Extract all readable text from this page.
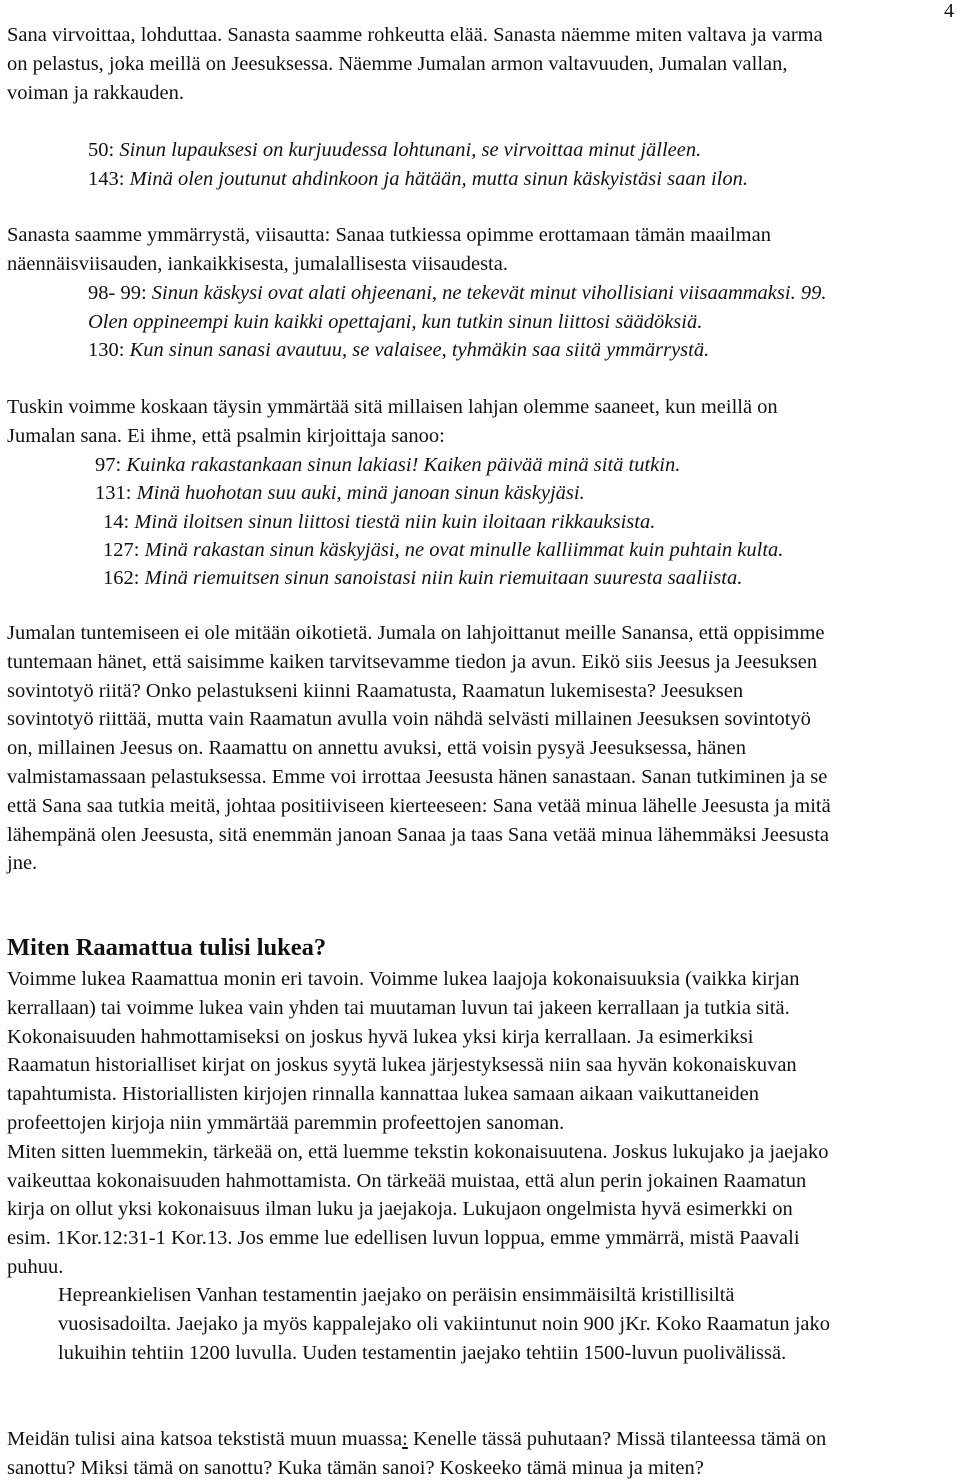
4
Sana virvoittaa, lohduttaa. Sanasta saamme rohkeutta elää. Sanasta näemme miten valtava ja varma
on pelastus, joka meillä on Jeesuksessa. Näemme Jumalan armon valtavuuden, Jumalan vallan,
voiman ja rakkauden.
50: Sinun lupauksesi on kurjuudessa lohtunani, se virvoittaa minut jälleen.
143: Minä olen joutunut ahdinkoon ja hätään, mutta sinun käskyistäsi saan ilon.
Sanasta saamme ymmärrystä, viisautta: Sanaa tutkiessa opimme erottamaan tämän maailman
näennäisviisauden, iankaikkisesta, jumalallisesta viisaudesta.
98- 99: Sinun käskysi ovat alati ohjeenani, ne tekevät minut vihollisiani viisaammaksi. 99.
Olen oppineempi kuin kaikki opettajani, kun tutkin sinun liittosi säädöksiä.
130: Kun sinun sanasi avautuu, se valaisee, tyhmäkin saa siitä ymmärrystä.
Tuskin voimme koskaan täysin ymmärtää sitä millaisen lahjan olemme saaneet, kun meillä on
Jumalan sana. Ei ihme, että psalmin kirjoittaja sanoo:
97: Kuinka rakastankaan sinun lakiasi! Kaiken päivää minä sitä tutkin.
131: Minä huohotan suu auki, minä janoan sinun käskyjäsi.
14: Minä iloitsen sinun liittosi tiestä niin kuin iloitaan rikkauksista.
127: Minä rakastan sinun käskyjäsi, ne ovat minulle kalliimmat kuin puhtain kulta.
162: Minä riemuitsen sinun sanoistasi niin kuin riemuitaan suuresta saaliista.
Jumalan tuntemiseen ei ole mitään oikotietä. Jumala on lahjoittanut meille Sanansa, että oppisimme
tuntemaan hänet, että saisimme kaiken tarvitsevamme tiedon ja avun. Eikö siis Jeesus ja Jeesuksen
sovintotyö riitä? Onko pelastukseni kiinni Raamatusta, Raamatun lukemisesta? Jeesuksen
sovintotyö riittää, mutta vain Raamatun avulla voin nähdä selvästi millainen Jeesuksen sovintotyö
on, millainen Jeesus on. Raamattu on annettu avuksi, että voisin pysyä Jeesuksessa, hänen
valmistamassaan pelastuksessa. Emme voi irrottaa Jeesusta hänen sanastaan. Sanan tutkiminen ja se
että Sana saa tutkia meitä, johtaa positiiviseen kierteeseen: Sana vetää minua lähelle Jeesusta ja mitä
lähempänä olen Jeesusta, sitä enemmän janoan Sanaa ja taas Sana vetää minua lähemmäksi Jeesusta
jne.
Miten Raamattua tulisi lukea?
Voimme lukea Raamattua monin eri tavoin. Voimme lukea laajoja kokonaisuuksia (vaikka kirjan
kerrallaan) tai voimme lukea vain yhden tai muutaman luvun tai jakeen kerrallaan ja tutkia sitä.
Kokonaisuuden hahmottamiseksi on joskus hyvä lukea yksi kirja kerrallaan. Ja esimerkiksi
Raamatun historialliset kirjat on joskus syytä lukea järjestyksessä niin saa hyvän kokonaiskuvan
tapahtumista. Historiallisten kirjojen rinnalla kannattaa lukea samaan aikaan vaikuttaneiden
profeettojen kirjoja niin ymmärtää paremmin profeettojen sanoman.
Miten sitten luemmekin, tärkeää on, että luemme tekstin kokonaisuutena. Joskus lukujako ja jaejako
vaikeuttaa kokonaisuuden hahmottamista. On tärkeää muistaa, että alun perin jokainen Raamatun
kirja on ollut yksi kokonaisuus ilman luku ja jaejakoja. Lukujaon ongelmista hyvä esimerkki on
esim. 1Kor.12:31-1 Kor.13. Jos emme lue edellisen luvun loppua, emme ymmärrä, mistä Paavali
puhuu.
Hepreankielisen Vanhan testamentin jaejako on peräisin ensimmäisiltä kristillisiltä
vuosisadoilta. Jaejako ja myös kappalejako oli vakiintunut noin 900 jKr. Koko Raamatun jako
lukuihin tehtiin 1200 luvulla. Uuden testamentin jaejako tehtiin 1500-luvun puolivälissä.
Meidän tulisi aina katsoa tekstistä muun muassa: Kenelle tässä puhutaan? Missä tilanteessa tämä on
sanottu? Miksi tämä on sanottu? Kuka tämän sanoi? Koskeeko tämä minua ja miten?
